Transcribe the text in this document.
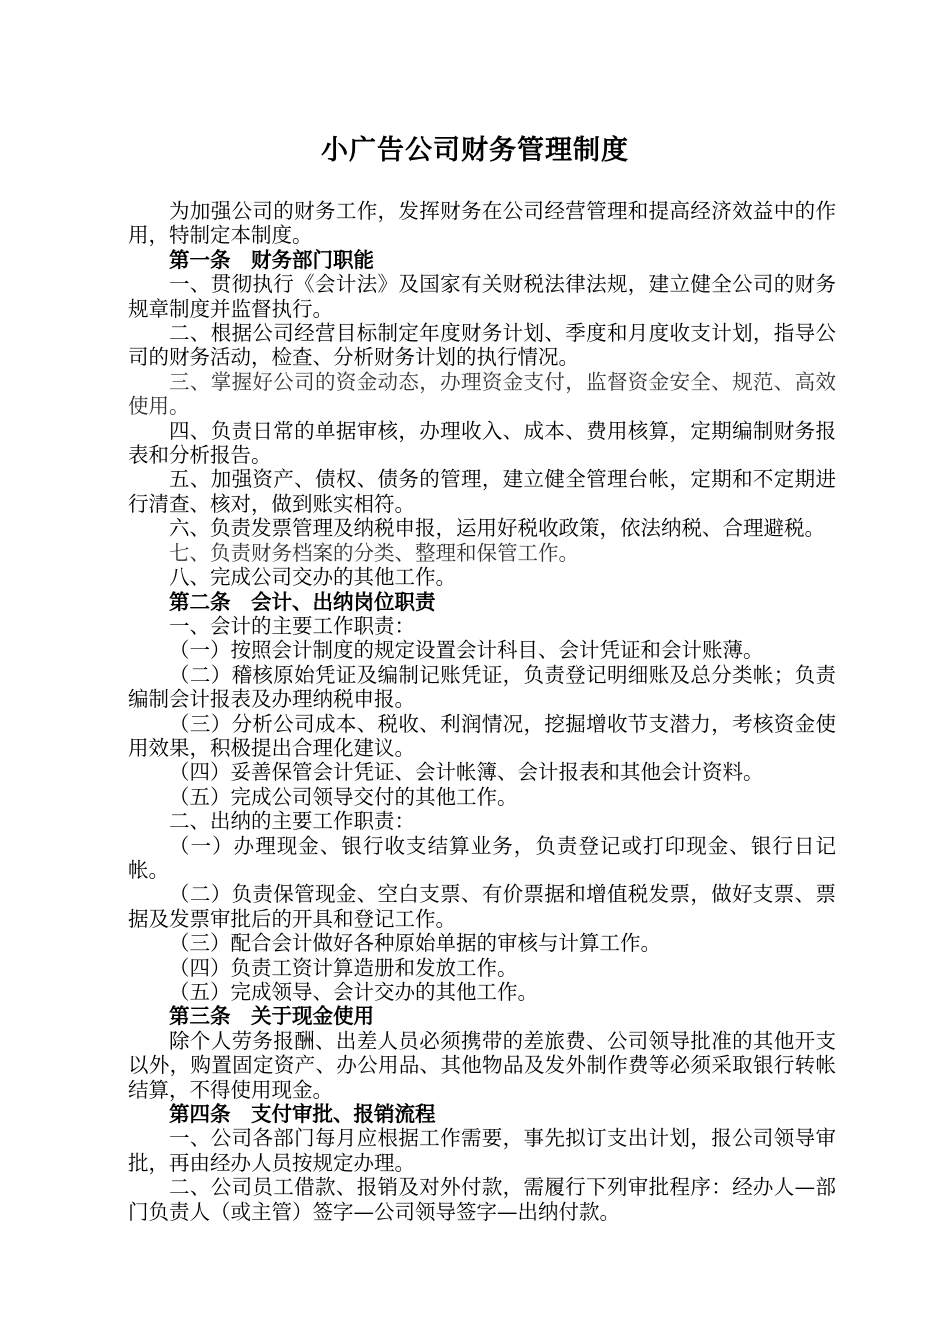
小广告公司财务管理制度

为加强公司的财务工作，发挥财务在公司经营管理和提高经济效益中的作用，特制定本制度。

第一条　财务部门职能

一、贯彻执行《会计法》及国家有关财税法律法规，建立健全公司的财务规章制度并监督执行。

二、根据公司经营目标制定年度财务计划、季度和月度收支计划，指导公司的财务活动，检查、分析财务计划的执行情况。

三、掌握好公司的资金动态，办理资金支付，监督资金安全、规范、高效使用。

四、负责日常的单据审核，办理收入、成本、费用核算，定期编制财务报表和分析报告。

五、加强资产、债权、债务的管理，建立健全管理台帐，定期和不定期进行清查、核对，做到账实相符。

六、负责发票管理及纳税申报，运用好税收政策，依法纳税、合理避税。

七、负责财务档案的分类、整理和保管工作。

八、完成公司交办的其他工作。

第二条　会计、出纳岗位职责

一、会计的主要工作职责：

（一）按照会计制度的规定设置会计科目、会计凭证和会计账薄。

（二）稽核原始凭证及编制记账凭证，负责登记明细账及总分类帐；负责编制会计报表及办理纳税申报。

（三）分析公司成本、税收、利润情况，挖掘增收节支潜力，考核资金使用效果，积极提出合理化建议。

（四）妥善保管会计凭证、会计帐簿、会计报表和其他会计资料。

（五）完成公司领导交付的其他工作。

二、出纳的主要工作职责：

（一）办理现金、银行收支结算业务，负责登记或打印现金、银行日记帐。

（二）负责保管现金、空白支票、有价票据和增值税发票，做好支票、票据及发票审批后的开具和登记工作。

（三）配合会计做好各种原始单据的审核与计算工作。

（四）负责工资计算造册和发放工作。

（五）完成领导、会计交办的其他工作。

第三条　关于现金使用

除个人劳务报酬、出差人员必须携带的差旅费、公司领导批准的其他开支以外，购置固定资产、办公用品、其他物品及发外制作费等必须采取银行转帐结算，不得使用现金。

第四条　支付审批、报销流程

一、公司各部门每月应根据工作需要，事先拟订支出计划，报公司领导审批，再由经办人员按规定办理。

二、公司员工借款、报销及对外付款，需履行下列审批程序：经办人—部门负责人（或主管）签字—公司领导签字—出纳付款。
